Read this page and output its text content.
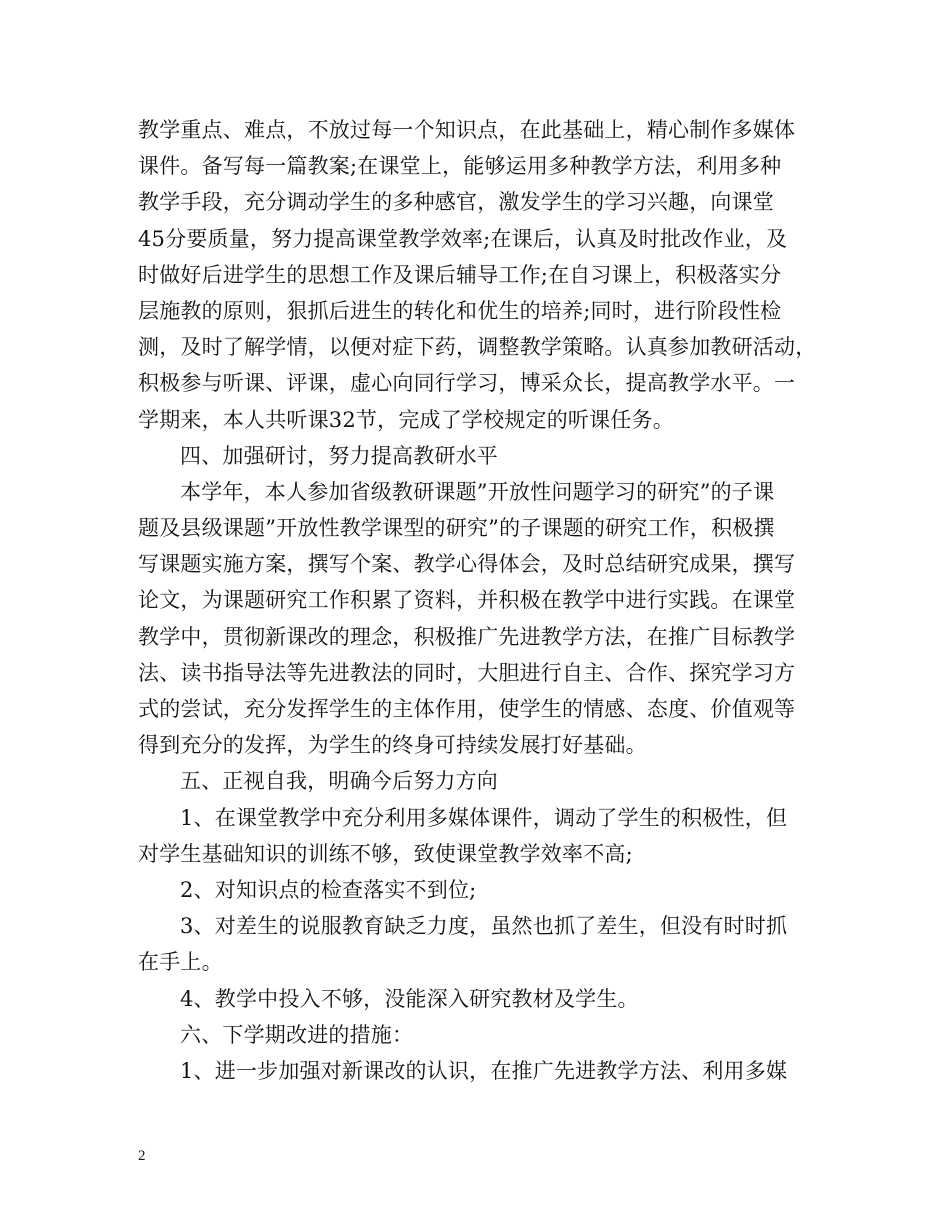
教学重点、难点，不放过每一个知识点，在此基础上，精心制作多媒体
课件。备写每一篇教案;在课堂上，能够运用多种教学方法，利用多种
教学手段，充分调动学生的多种感官，激发学生的学习兴趣，向课堂
45分要质量，努力提高课堂教学效率;在课后，认真及时批改作业，及
时做好后进学生的思想工作及课后辅导工作;在自习课上，积极落实分
层施教的原则，狠抓后进生的转化和优生的培养;同时，进行阶段性检
测，及时了解学情，以便对症下药，调整教学策略。认真参加教研活动，
积极参与听课、评课，虚心向同行学习，博采众长，提高教学水平。一
学期来，本人共听课32节，完成了学校规定的听课任务。
四、加强研讨，努力提高教研水平
本学年，本人参加省级教研课题”开放性问题学习的研究”的子课
题及县级课题”开放性教学课型的研究”的子课题的研究工作，积极撰
写课题实施方案，撰写个案、教学心得体会，及时总结研究成果，撰写
论文，为课题研究工作积累了资料，并积极在教学中进行实践。在课堂
教学中，贯彻新课改的理念，积极推广先进教学方法，在推广目标教学
法、读书指导法等先进教法的同时，大胆进行自主、合作、探究学习方
式的尝试，充分发挥学生的主体作用，使学生的情感、态度、价值观等
得到充分的发挥，为学生的终身可持续发展打好基础。
五、正视自我，明确今后努力方向
1、在课堂教学中充分利用多媒体课件，调动了学生的积极性，但
对学生基础知识的训练不够，致使课堂教学效率不高;
2、对知识点的检查落实不到位;
3、对差生的说服教育缺乏力度，虽然也抓了差生，但没有时时抓
在手上。
4、教学中投入不够，没能深入研究教材及学生。
六、下学期改进的措施：
1、进一步加强对新课改的认识，在推广先进教学方法、利用多媒
2
